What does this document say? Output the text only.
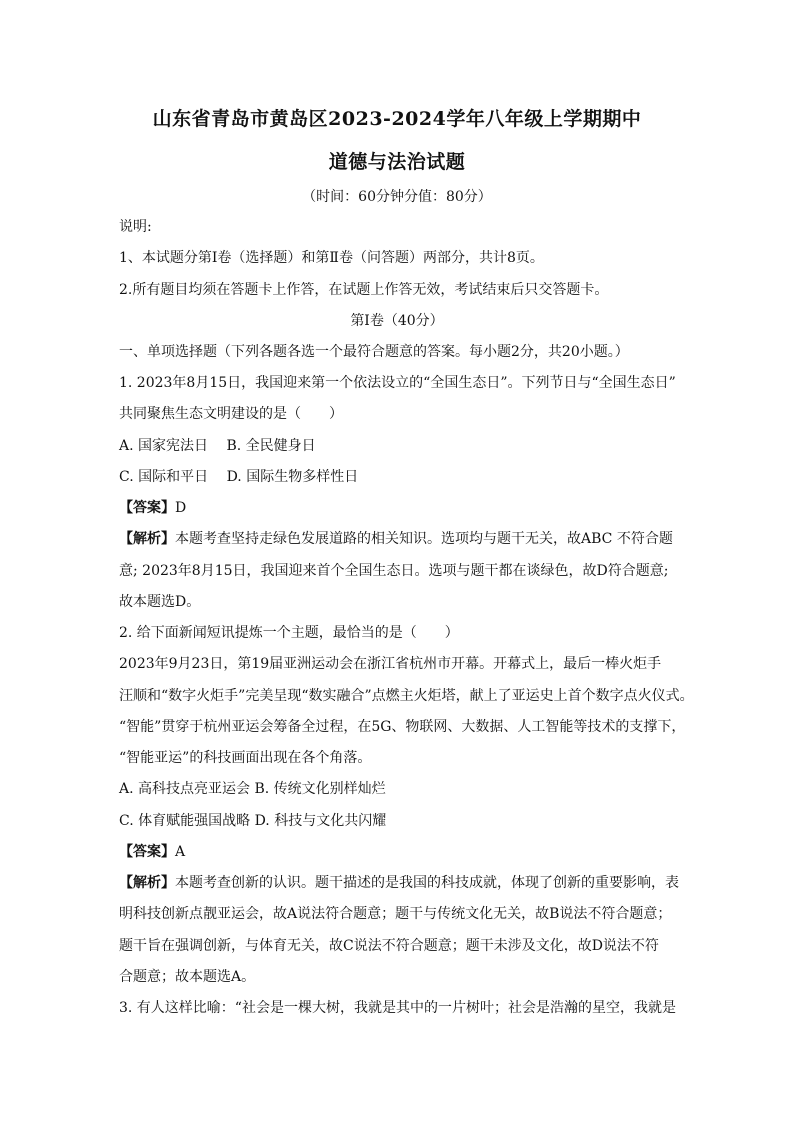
山东省青岛市黄岛区2023-2024学年八年级上学期期中
道德与法治试题
（时间：60分钟分值：80分）
说明:
1、本试题分第Ⅰ卷（选择题）和第Ⅱ卷（问答题）两部分，共计8页。
2.所有题目均须在答题卡上作答，在试题上作答无效，考试结束后只交答题卡。
第Ⅰ卷（40分）
一、单项选择题（下列各题各选一个最符合题意的答案。每小题2分，共20小题。）
1. 2023年8月15日，我国迎来第一个依法设立的“全国生态日”。下列节日与“全国生态日”
共同聚焦生态文明建设的是（　　）
A. 国家宪法日　 B. 全民健身日
C. 国际和平日　 D. 国际生物多样性日
【答案】D
【解析】本题考查坚持走绿色发展道路的相关知识。选项均与题干无关，故ABC 不符合题
意; 2023年8月15日，我国迎来首个全国生态日。选项与题干都在谈绿色，故D符合题意;
故本题选D。
2. 给下面新闻短讯提炼一个主题，最恰当的是（　　）
2023年9月23日，第19届亚洲运动会在浙江省杭州市开幕。开幕式上，最后一棒火炬手
汪顺和“数字火炬手”完美呈现“数实融合”点燃主火炬塔，献上了亚运史上首个数字点火仪式。
“智能”贯穿于杭州亚运会筹备全过程，在5G、物联网、大数据、人工智能等技术的支撑下，
“智能亚运”的科技画面出现在各个角落。
A. 高科技点亮亚运会 B. 传统文化别样灿烂
C. 体育赋能强国战略 D. 科技与文化共闪耀
【答案】A
【解析】本题考查创新的认识。题干描述的是我国的科技成就，体现了创新的重要影响，表
明科技创新点靓亚运会，故A说法符合题意；题干与传统文化无关，故B说法不符合题意；
题干旨在强调创新，与体育无关，故C说法不符合题意；题干未涉及文化，故D说法不符
合题意；故本题选A。
3. 有人这样比喻：“社会是一棵大树，我就是其中的一片树叶；社会是浩瀚的星空，我就是
